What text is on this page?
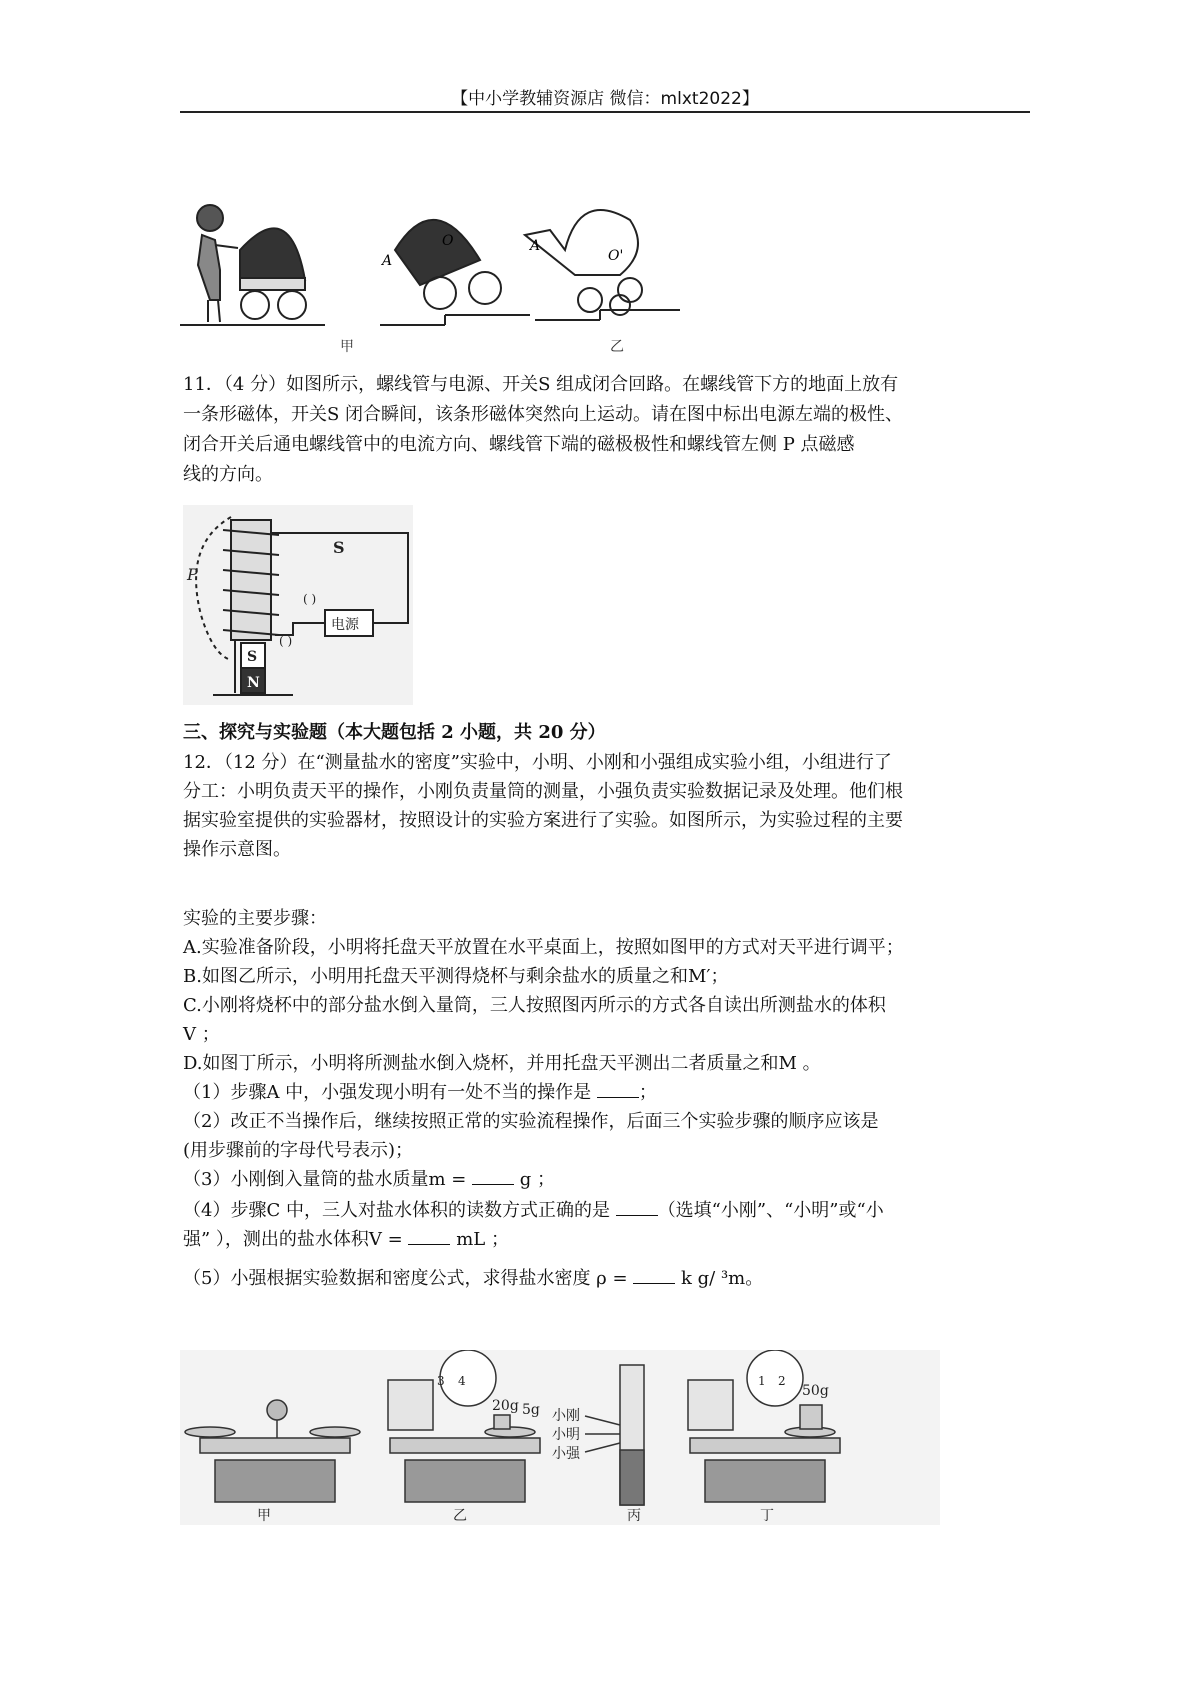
【中小学教辅资源店 微信：mlxt2022】
A
O	A
O'
甲	乙
11．（4 分）如图所示，螺线管与电源、开关S 组成闭合回路。在螺线管下方的地面上放有
一条形磁体，开关S 闭合瞬间，该条形磁体突然向上运动。请在图中标出电源左端的极性、
闭合开关后通电螺线管中的电流方向、螺线管下端的磁极极性和螺线管左侧 P 点磁感
线的方向。
S
电源
P
( )
( )
S
N
三、探究与实验题（本大题包括 2 小题，共 20 分）
12．（12 分）在“测量盐水的密度”实验中，小明、小刚和小强组成实验小组，小组进行了
分工：小明负责天平的操作，小刚负责量筒的测量，小强负责实验数据记录及处理。他们根
据实验室提供的实验器材，按照设计的实验方案进行了实验。如图所示，为实验过程的主要
操作示意图。
实验的主要步骤：
A.实验准备阶段，小明将托盘天平放置在水平桌面上，按照如图甲的方式对天平进行调平；
B.如图乙所示，小明用托盘天平测得烧杯与剩余盐水的质量之和M′；
C.小刚将烧杯中的部分盐水倒入量筒，三人按照图丙所示的方式各自读出所测盐水的体积
V ；
D.如图丁所示，小明将所测盐水倒入烧杯，并用托盘天平测出二者质量之和M 。
（1）步骤A 中，小强发现小明有一处不当的操作是	；
（2）改正不当操作后，继续按照正常的实验流程操作，后面三个实验步骤的顺序应该是
(用步骤前的字母代号表示)；
（3）小刚倒入量筒的盐水质量m =	g ；
（4）步骤C 中，三人对盐水体积的读数方式正确的是	（选填“小刚”、“小明”或“小
强” ），测出的盐水体积V =	mL ；
（5）小强根据实验数据和密度公式，求得盐水密度 ρ =	k g/ ³m。
20g 5g
50g
3 4	1 2
小刚
小明
小强
甲	乙	丙	丁
